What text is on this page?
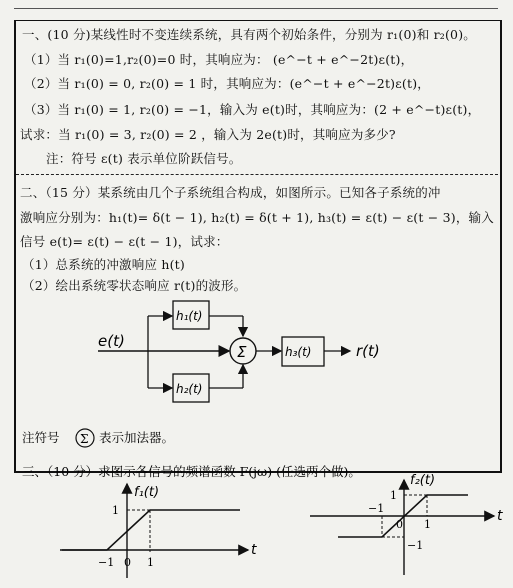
一、(10 分)某线性时不变连续系统，具有两个初始条件，分别为 r₁(0)和 r₂(0)。
（1）当 r₁(0)=1,r₂(0)=0 时，其响应为： (e^−t + e^−2t)ε(t)，
（2）当 r₁(0) = 0, r₂(0) = 1 时，其响应为：(e^−t + e^−2t)ε(t)，
（3）当 r₁(0) = 1, r₂(0) = −1，输入为 e(t)时，其响应为：(2 + e^−t)ε(t)，
试求：当 r₁(0) = 3, r₂(0) = 2 ，输入为 2e(t)时，其响应为多少?
注：符号 ε(t) 表示单位阶跃信号。
二、（15 分）某系统由几个子系统组合构成，如图所示。已知各子系统的冲
激响应分别为：h₁(t)= δ(t − 1), h₂(t) = δ(t + 1), h₃(t) = ε(t) − ε(t − 3)，输入
信号 e(t)= ε(t) − ε(t − 1)，试求：
（1）总系统的冲激响应 h(t)
（2）绘出系统零状态响应 r(t)的波形。
e(t)
h₁(t)
h₂(t)
Σ	h₃(t)	r(t)
注符号 Σ 表示加法器。
三、（10 分）求图示各信号的频谱函数 F(jω) (任选两个做)。
f₁(t)
t
1
−1 0 1
f₂(t)
t
1
−1
−1
0 1
